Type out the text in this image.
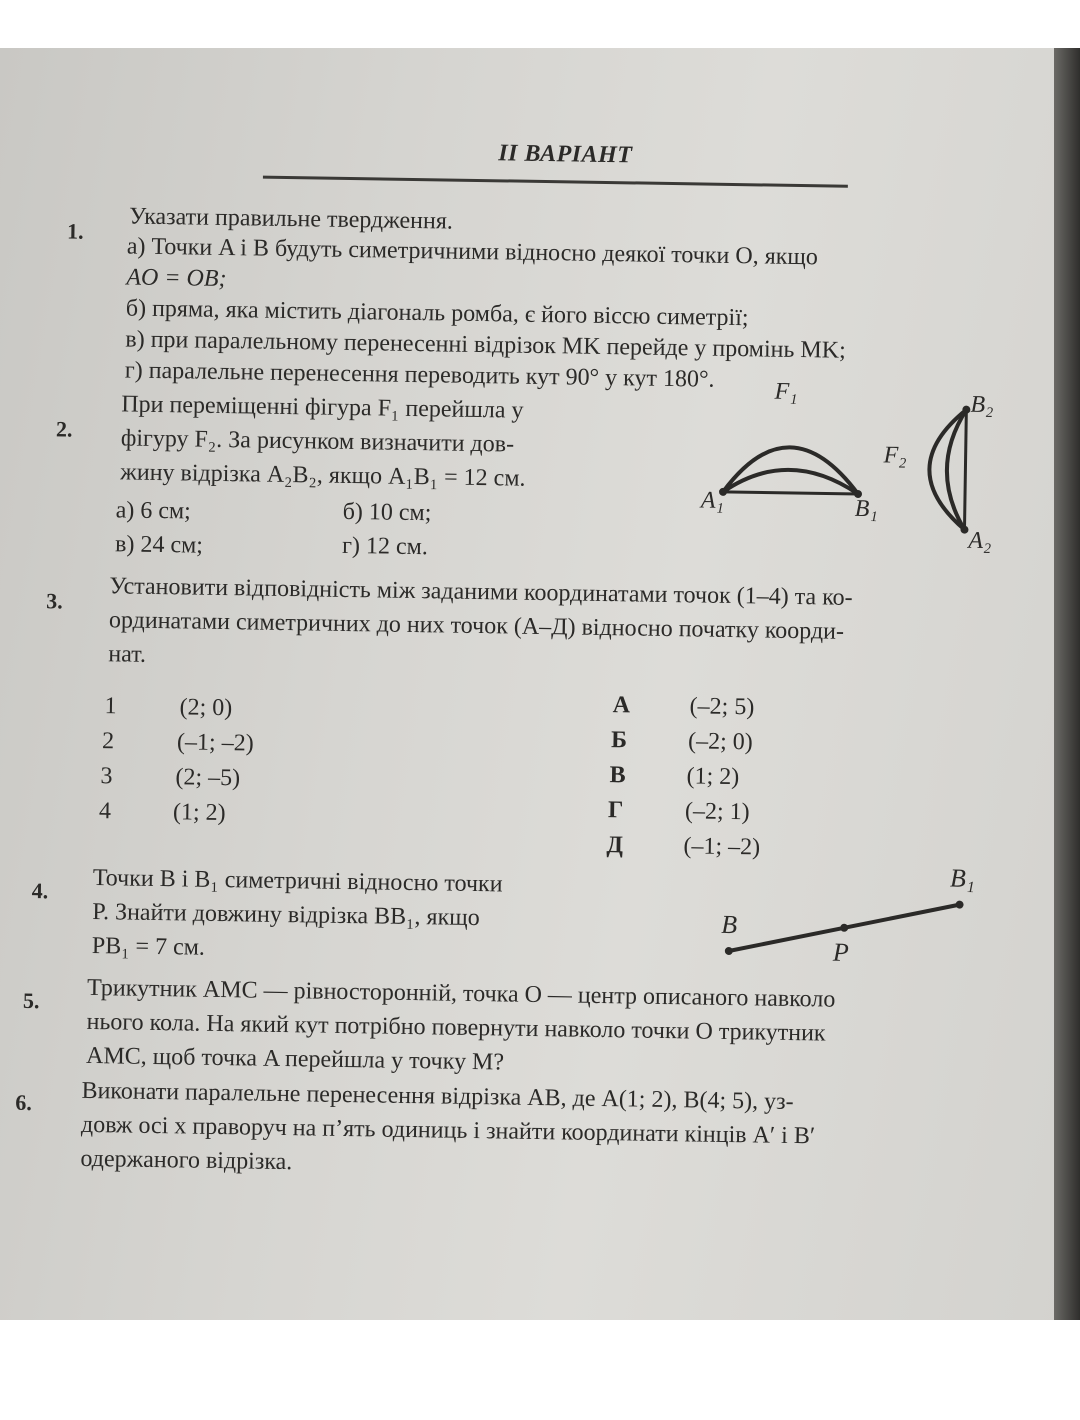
II ВАРІАНТ
1. Указати правильне твердження.
а) Точки A і B будуть симетричними відносно деякої точки O, якщо
AO = OB;
б) пряма, яка містить діагональ ромба, є його віссю симетрії;
в) при паралельному перенесенні відрізок MK перейде у промінь MK;
г) паралельне перенесення переводить кут 90° у кут 180°.
2.
При переміщенні фігура F₁ перейшла у
фігуру F₂. За рисунком визначити дов-
жину відрізка A₂B₂, якщо A₁B₁ = 12 см.
а) 6 см;	б) 10 см;
в) 24 см;	г) 12 см.
F₁
A₁	B₁
F₂
B₂
A₂
3. Установити відповідність між заданими координатами точок (1–4) та ко-
ординатами симетричних до них точок (А–Д) відносно початку коорди-
нат.
1	(2; 0)
2	(–1; –2)
3	(2; –5)
4	(1; 2)
А (–2; 5)
Б	(–2; 0)
В	(1; 2)
Г	(–2; 1)
Д	(–1; –2)
4. Точки B і B₁ симетричні відносно точки
P. Знайти довжину відрізка BB₁, якщо
PB₁ = 7 см.
B
P
B₁
5. Трикутник AMC — рівносторонній, точка O — центр описаного навколо
нього кола. На який кут потрібно повернути навколо точки O трикутник
AMC, щоб точка A перейшла у точку M?
6. Виконати паралельне перенесення відрізка AB, де A(1; 2), B(4; 5), уз-
довж осі x праворуч на п’ять одиниць і знайти координати кінців A′ і B′
одержаного відрізка.
